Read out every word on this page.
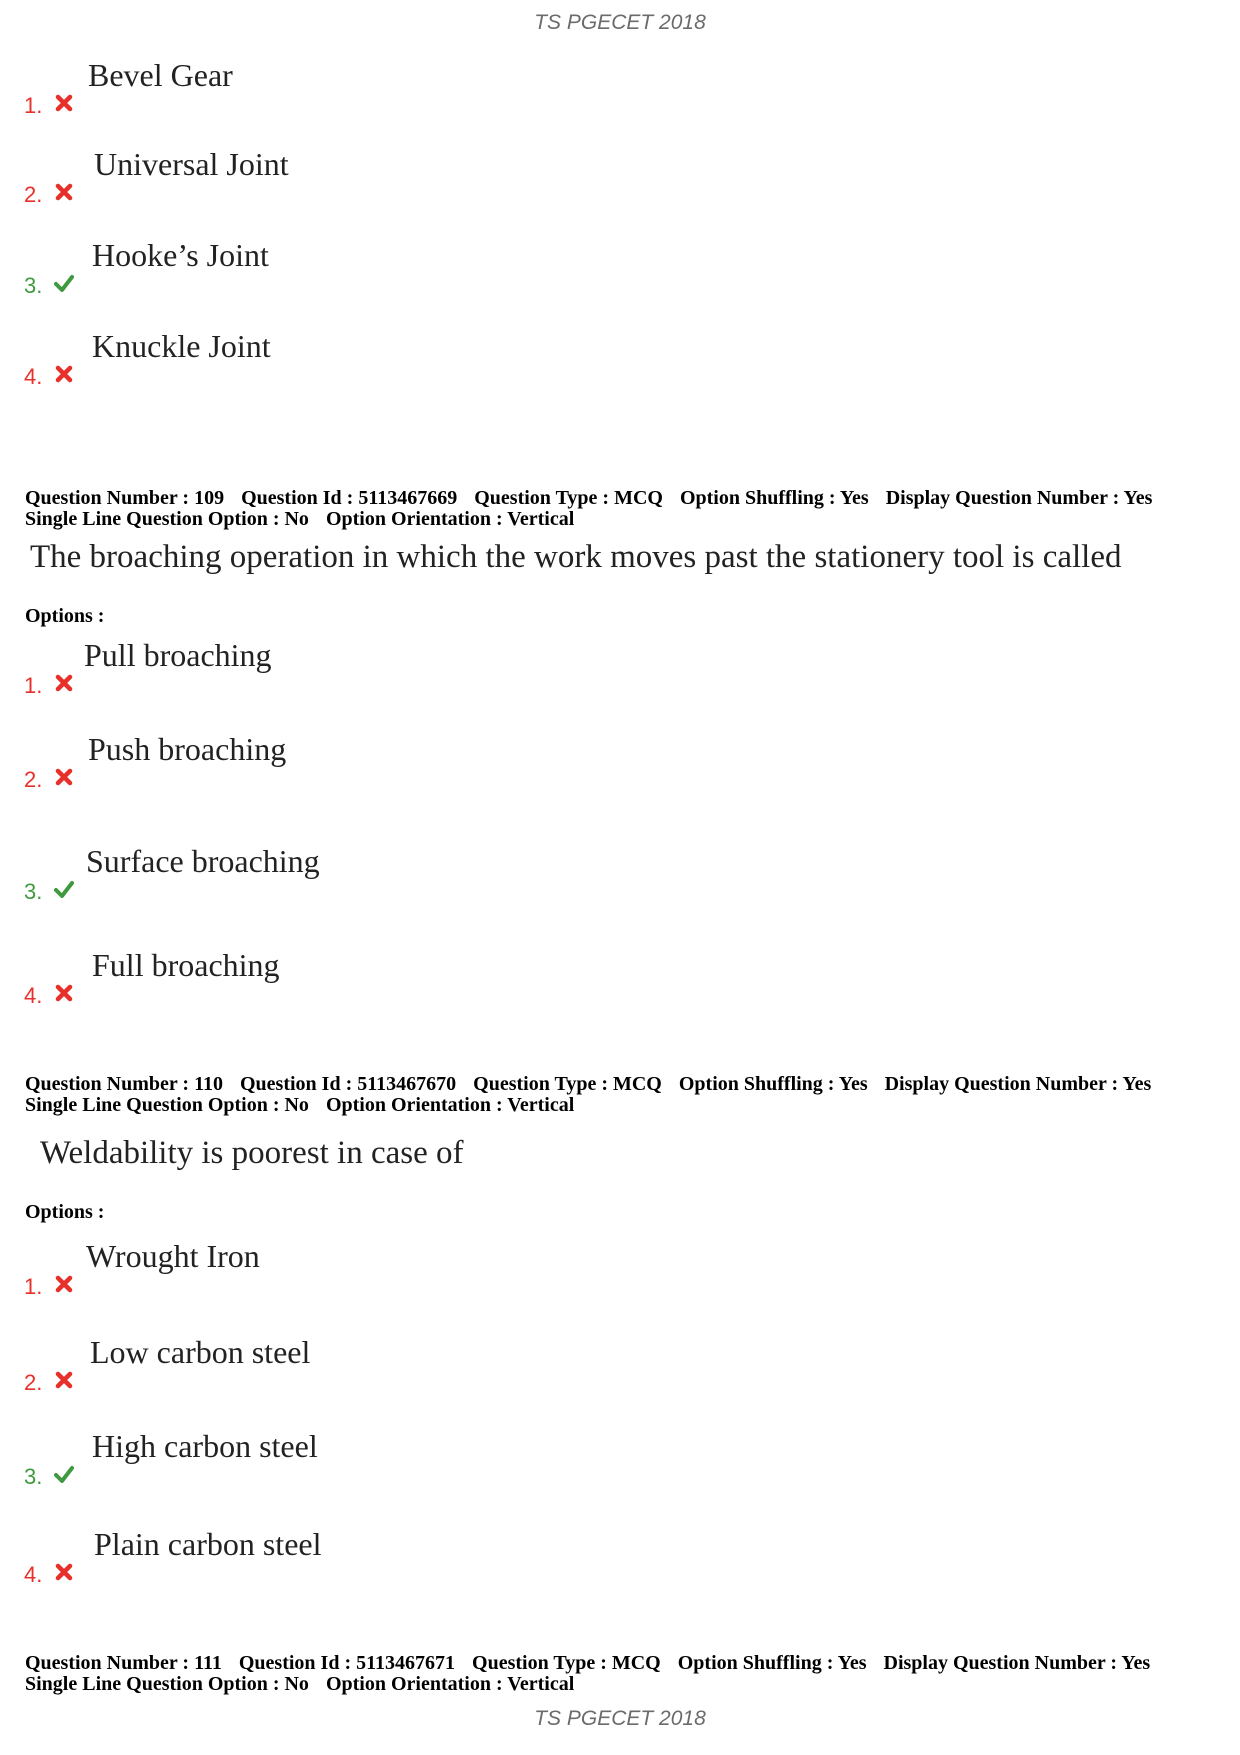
TS PGECET 2018
1.
Bevel Gear
2.
Universal Joint
3.
Hooke’s Joint
4.
Knuckle Joint
Question Number : 109 Question Id : 5113467669 Question Type : MCQ Option Shuffling : Yes Display Question Number : Yes
Single Line Question Option : No Option Orientation : Vertical
The broaching operation in which the work moves past the stationery tool is called
Options :
1.
Pull broaching
2.
Push broaching
3.
Surface broaching
4.
Full broaching
Question Number : 110 Question Id : 5113467670 Question Type : MCQ Option Shuffling : Yes Display Question Number : Yes
Single Line Question Option : No Option Orientation : Vertical
Weldability is poorest in case of
Options :
1.
Wrought Iron
2.
Low carbon steel
3.
High carbon steel
4.
Plain carbon steel
Question Number : 111 Question Id : 5113467671 Question Type : MCQ Option Shuffling : Yes Display Question Number : Yes
Single Line Question Option : No Option Orientation : Vertical
TS PGECET 2018
